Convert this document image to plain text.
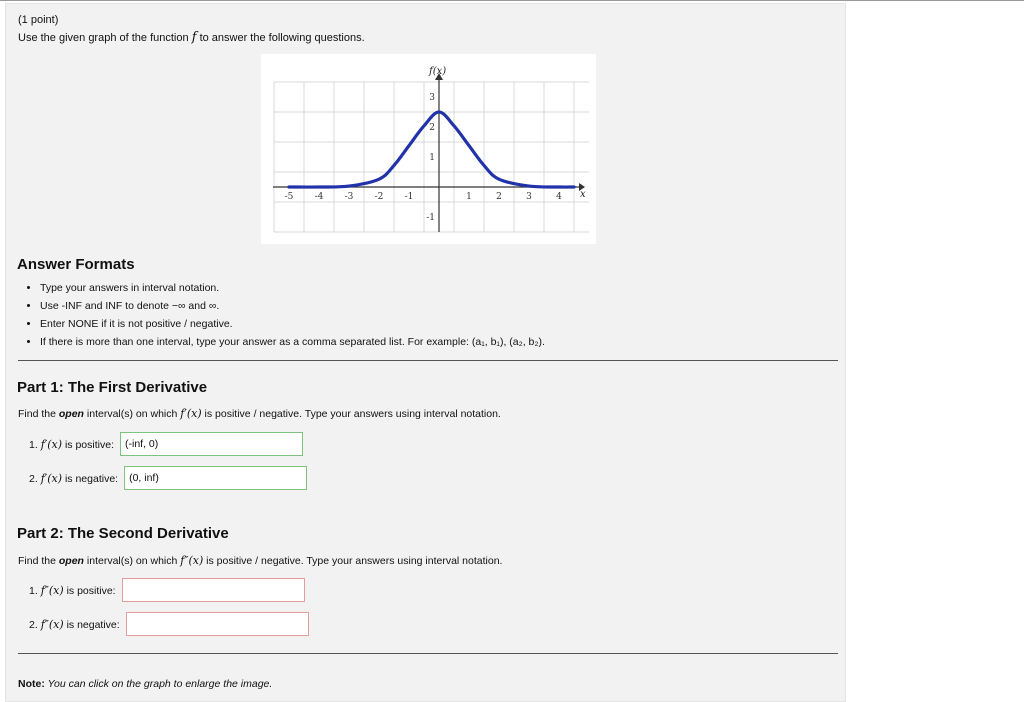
(1 point)
Use the given graph of the function f to answer the following questions.
-5 -4 -3 -2 -1	1	2	3	4
3
2
1
-1
f(x)
x
Answer Formats
• Type your answers in interval notation.
• Use -INF and INF to denote −∞ and ∞.
• Enter NONE if it is not positive / negative.
• If there is more than one interval, type your answer as a comma separated list. For example: (a₁, b₁), (a₂, b₂).
Part 1: The First Derivative
Find the open interval(s) on which f′(x) is positive / negative. Type your answers using interval notation.
1. f′(x) is positive:
(-inf, 0)
2. f′(x) is negative:
(0, inf)
Part 2: The Second Derivative
Find the open interval(s) on which f″(x) is positive / negative. Type your answers using interval notation.
1. f″(x) is positive:
2. f″(x) is negative:
Note: You can click on the graph to enlarge the image.
